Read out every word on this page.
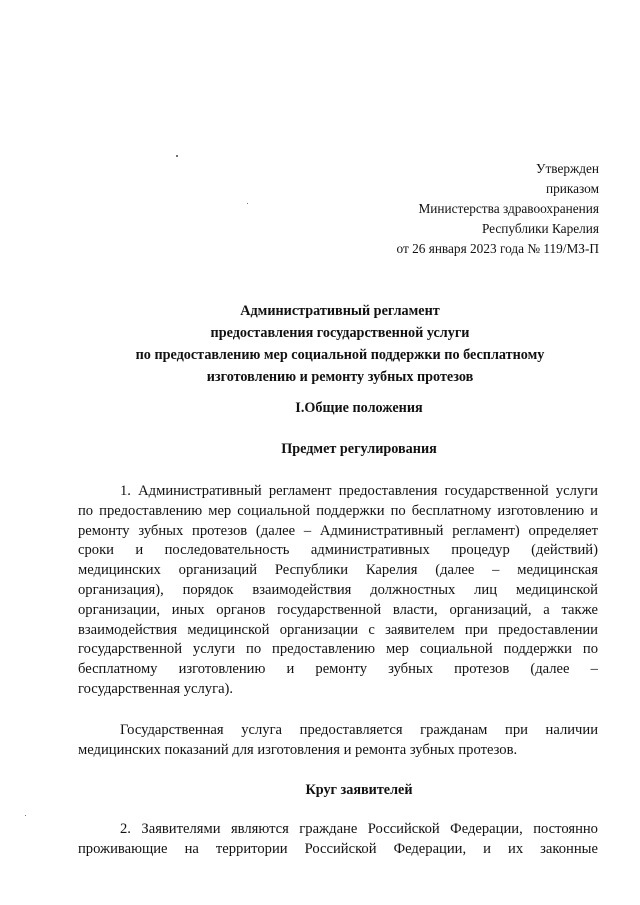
Утвержден
приказом
Министерства здравоохранения
Республики Карелия
от 26 января 2023 года № 119/МЗ-П
Административный регламент
предоставления государственной услуги
по предоставлению мер социальной поддержки по бесплатному
изготовлению и ремонту зубных протезов
I.Общие положения
Предмет регулирования
1. Административный регламент предоставления государственной услуги
по предоставлению мер социальной поддержки по бесплатному изготовлению и
ремонту зубных протезов (далее – Административный регламент) определяет
сроки и последовательность административных процедур (действий)
медицинских организаций Республики Карелия (далее – медицинская
организация), порядок взаимодействия должностных лиц медицинской
организации, иных органов государственной власти, организаций, а также
взаимодействия медицинской организации с заявителем при предоставлении
государственной услуги по предоставлению мер социальной поддержки по
бесплатному изготовлению и ремонту зубных протезов (далее –
государственная услуга).
Государственная услуга предоставляется гражданам при наличии
медицинских показаний для изготовления и ремонта зубных протезов.
Круг заявителей
2. Заявителями являются граждане Российской Федерации, постоянно
проживающие на территории Российской Федерации, и их законные
